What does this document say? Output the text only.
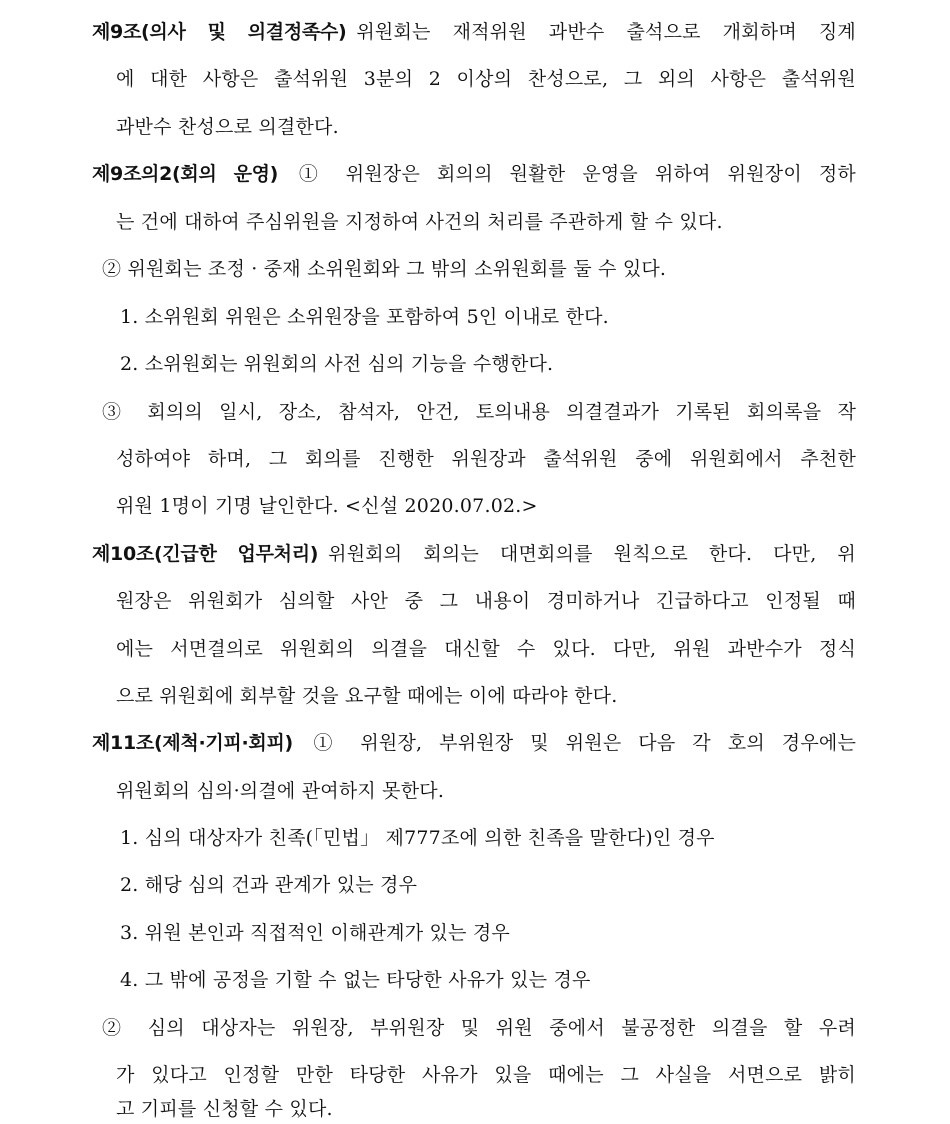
제9조(의사 및 의결정족수) 위원회는 재적위원 과반수 출석으로 개회하며 징계
에 대한 사항은 출석위원 3분의 2 이상의 찬성으로, 그 외의 사항은 출석위원
과반수 찬성으로 의결한다.
제9조의2(회의 운영) ① 위원장은 회의의 원활한 운영을 위하여 위원장이 정하
는 건에 대하여 주심위원을 지정하여 사건의 처리를 주관하게 할 수 있다.
② 위원회는 조정 · 중재 소위원회와 그 밖의 소위원회를 둘 수 있다.
1. 소위원회 위원은 소위원장을 포함하여 5인 이내로 한다.
2. 소위원회는 위원회의 사전 심의 기능을 수행한다.
③ 회의의 일시, 장소, 참석자, 안건, 토의내용 의결결과가 기록된 회의록을 작
성하여야 하며, 그 회의를 진행한 위원장과 출석위원 중에 위원회에서 추천한
위원 1명이 기명 날인한다. <신설 2020.07.02.>
제10조(긴급한 업무처리) 위원회의 회의는 대면회의를 원칙으로 한다. 다만, 위
원장은 위원회가 심의할 사안 중 그 내용이 경미하거나 긴급하다고 인정될 때
에는 서면결의로 위원회의 의결을 대신할 수 있다. 다만, 위원 과반수가 정식
으로 위원회에 회부할 것을 요구할 때에는 이에 따라야 한다.
제11조(제척·기피·회피) ① 위원장, 부위원장 및 위원은 다음 각 호의 경우에는
위원회의 심의·의결에 관여하지 못한다.
1. 심의 대상자가 친족(「민법」 제777조에 의한 친족을 말한다)인 경우
2. 해당 심의 건과 관계가 있는 경우
3. 위원 본인과 직접적인 이해관계가 있는 경우
4. 그 밖에 공정을 기할 수 없는 타당한 사유가 있는 경우
② 심의 대상자는 위원장, 부위원장 및 위원 중에서 불공정한 의결을 할 우려
가 있다고 인정할 만한 타당한 사유가 있을 때에는 그 사실을 서면으로 밝히
고 기피를 신청할 수 있다.
